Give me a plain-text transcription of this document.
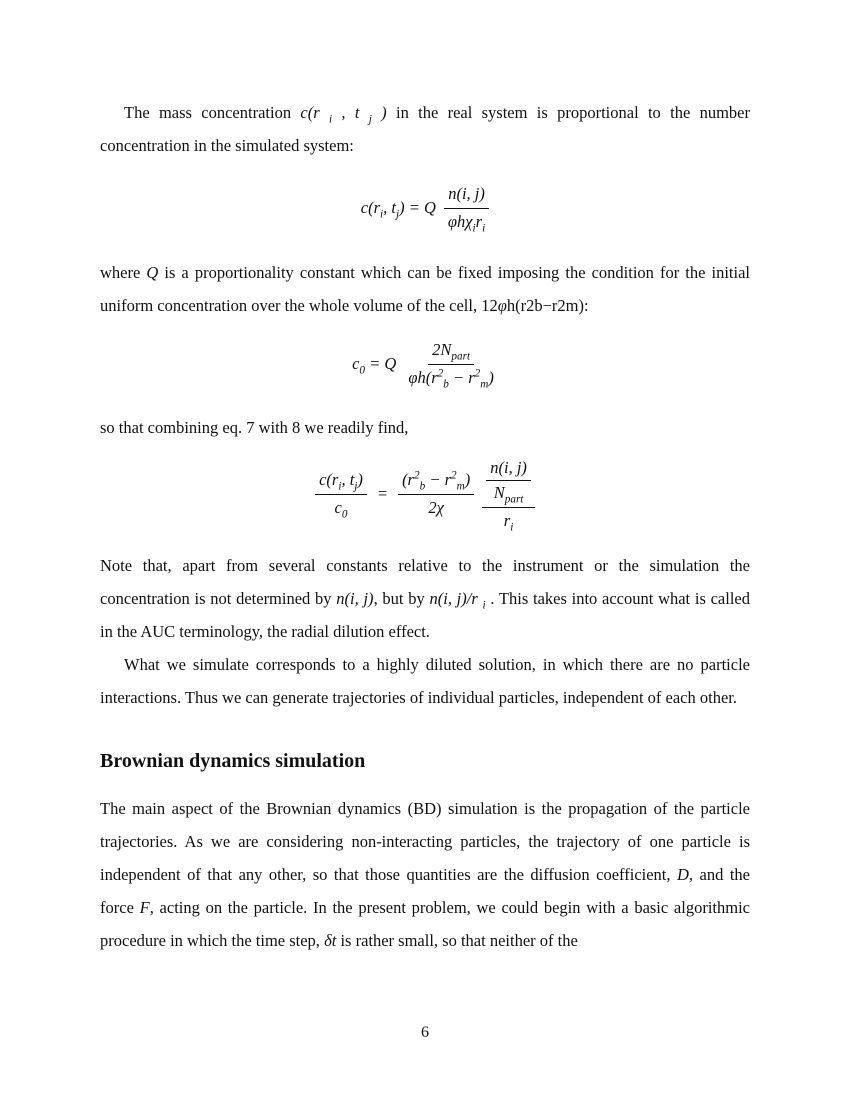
The mass concentration c(r $_i$ , t $_j$ ) in the real system is proportional to the number concentration in the simulated system:

$c(r_i$, $t_j) = Q \frac{n(i, j)}{\varphi h\chi_ir_i}$

where Q is a proportionality constant which can be fixed imposing the condition for the initial uniform concentration over the whole volume of the cell, 12φh(r2b−r2m):

$c_0 = Q \frac{2N_{part}}{\varphi h(r^2_b - r^2_m)}$

so that combining eq. 7 with 8 we readily find,

$\frac{c(r_i, t_j)}{c_0} = \frac{(r^2_b - r^2_m)}{2\chi} \frac{\frac{n(i, j)}{N_{part}}}{r_i}$

Note that, apart from several constants relative to the instrument or the simulation the concentration is not determined by n(i, j), but by n(i, j)/r $_i$ . This takes into account what is called in the AUC terminology, the radial dilution effect.

What we simulate corresponds to a highly diluted solution, in which there are no particle interactions. Thus we can generate trajectories of individual particles, independent of each other.

Brownian dynamics simulation

The main aspect of the Brownian dynamics (BD) simulation is the propagation of the particle trajectories. As we are considering non-interacting particles, the trajectory of one particle is independent of that any other, so that those quantities are the diffusion coefficient, D, and the force F, acting on the particle. In the present problem, we could begin with a basic algorithmic procedure in which the time step, δt is rather small, so that neither of the

6
